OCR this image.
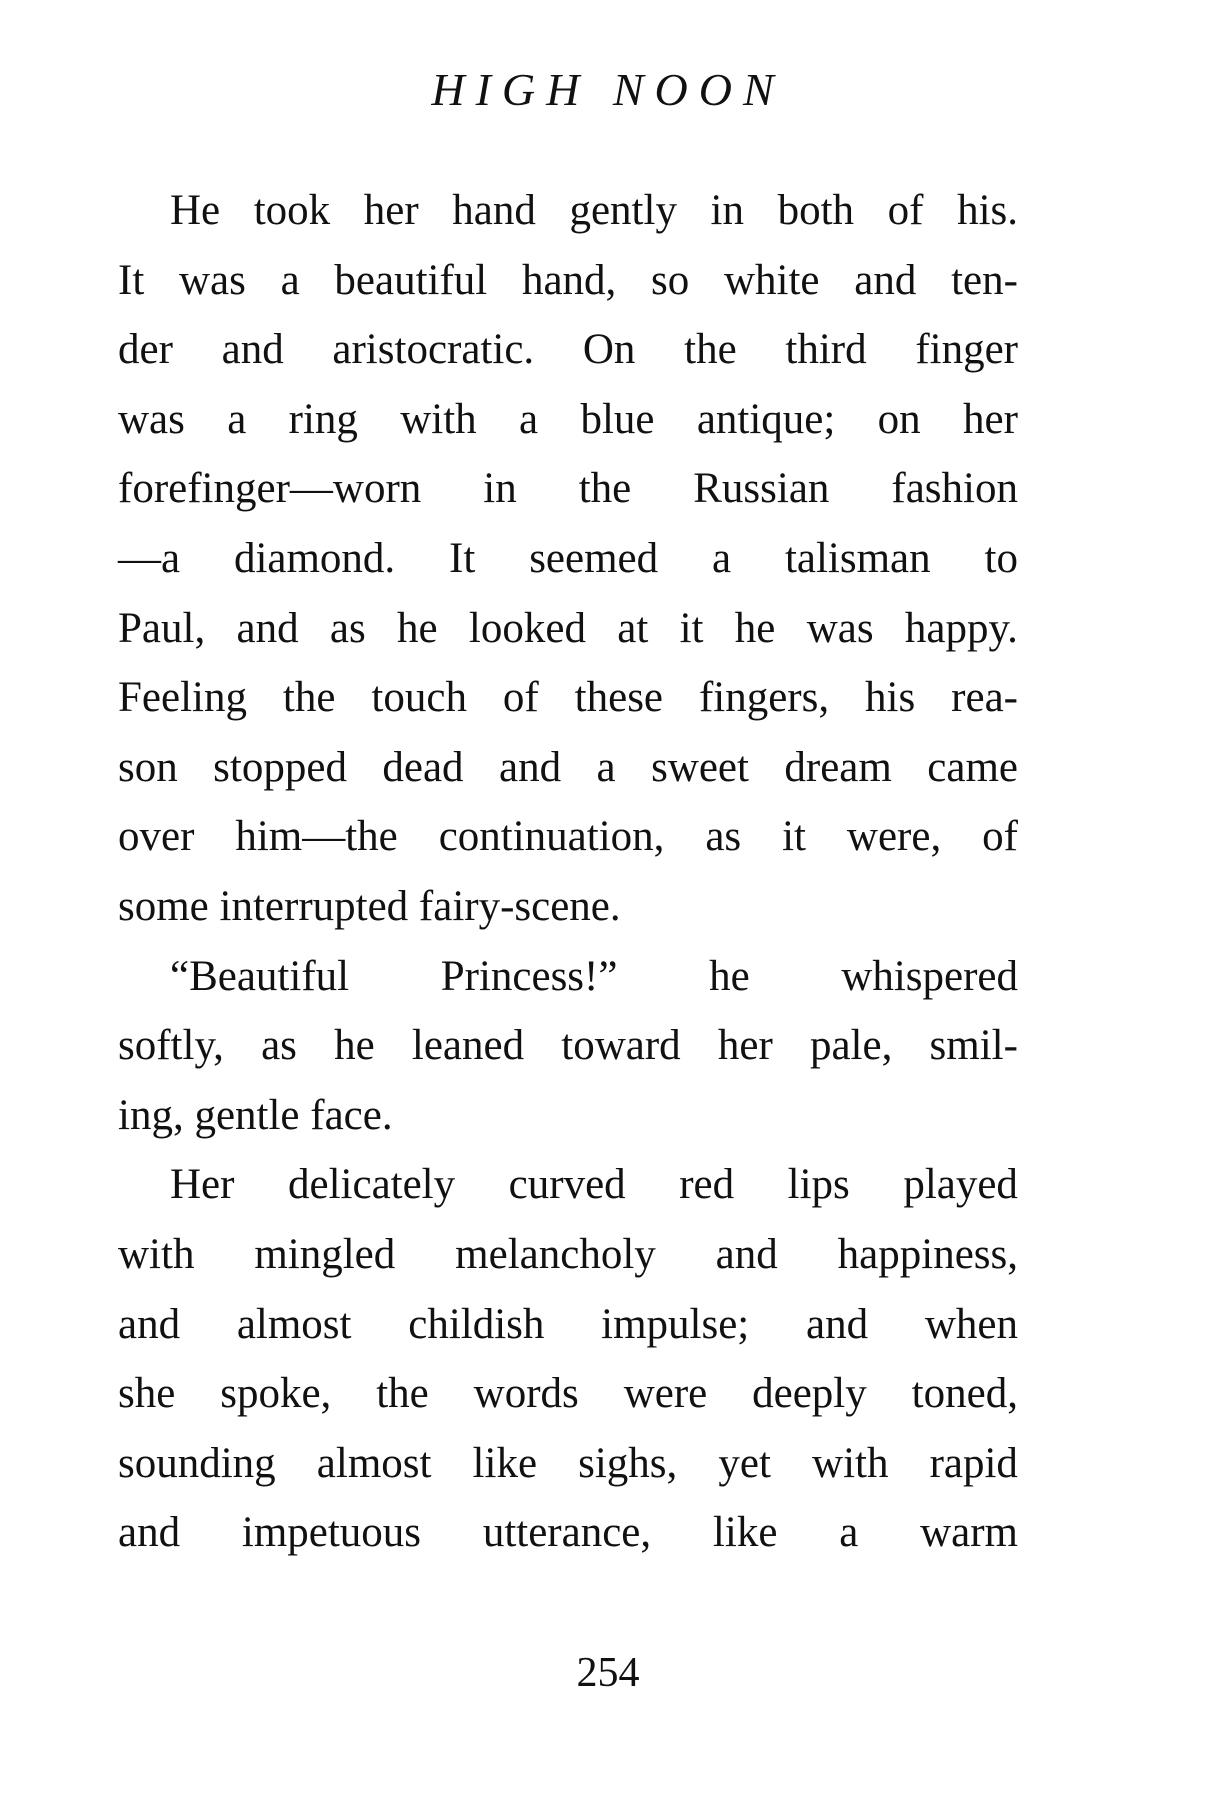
HIGH NOON
He took her hand gently in both of his.
It was a beautiful hand, so white and ten-
der and aristocratic. On the third finger
was a ring with a blue antique; on her
forefinger—worn in the Russian fashion
—a diamond. It seemed a talisman to
Paul, and as he looked at it he was happy.
Feeling the touch of these fingers, his rea-
son stopped dead and a sweet dream came
over him—the continuation, as it were, of
some interrupted fairy-scene.
“Beautiful Princess!” he whispered
softly, as he leaned toward her pale, smil-
ing, gentle face.
Her delicately curved red lips played
with mingled melancholy and happiness,
and almost childish impulse; and when
she spoke, the words were deeply toned,
sounding almost like sighs, yet with rapid
and impetuous utterance, like a warm
254
